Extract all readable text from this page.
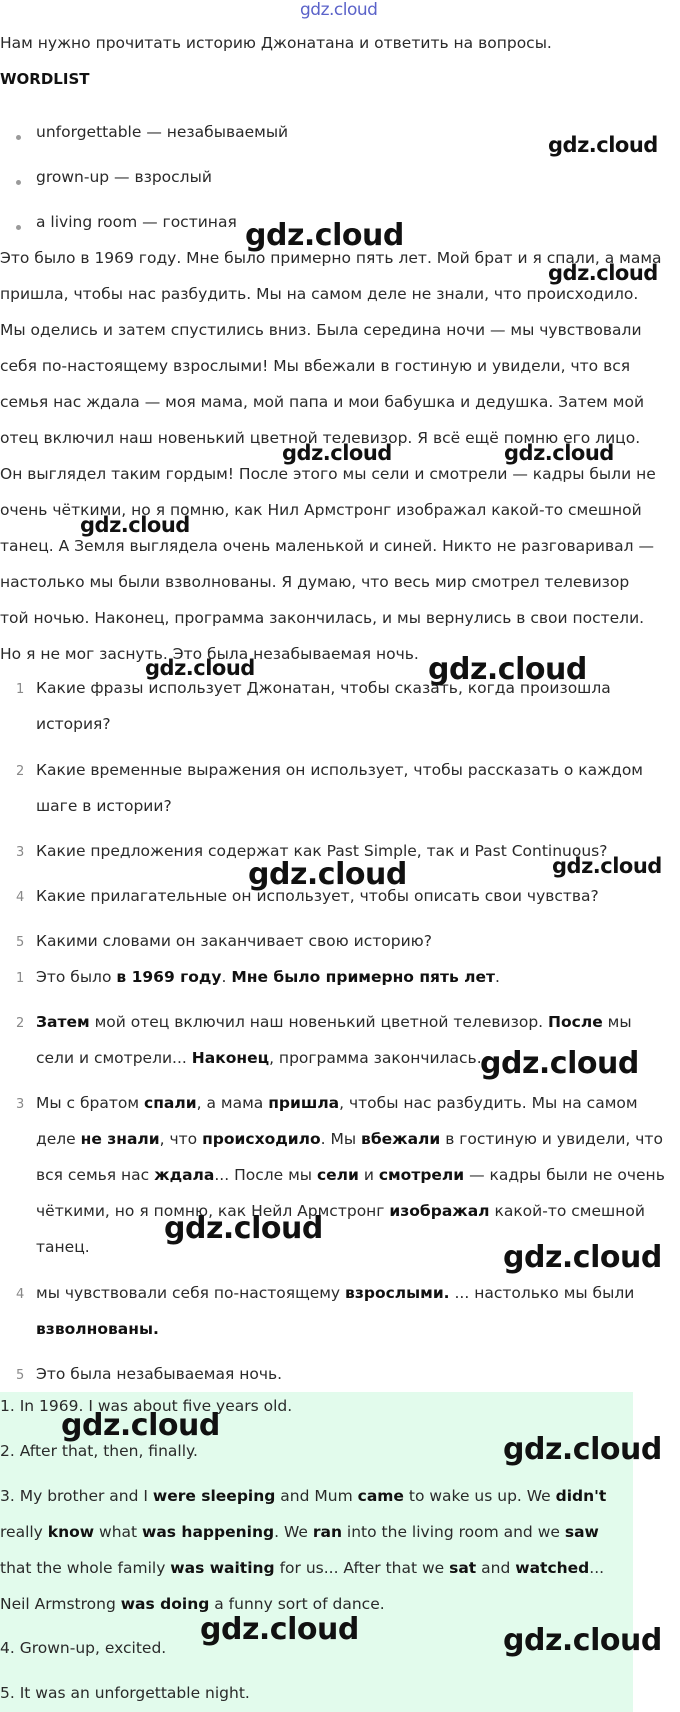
gdz.cloud
gdz.cloud
gdz.cloud
gdz.cloud
gdz.cloud	gdz.cloud
gdz.cloud
gdz.cloud
gdz.cloud
gdz.cloud	gdz.cloud
gdz.cloud
gdz.cloud
gdz.cloud
gdz.cloud
gdz.cloud
gdz.cloud	gdz.cloud
Нам нужно прочитать историю Джонатана и ответить на вопросы.
WORDLIST
unforgettable — незабываемый
grown-up — взрослый
a living room — гостиная
Это было в 1969 году. Мне было примерно пять лет. Мой брат и я спали, а мама
пришла, чтобы нас разбудить. Мы на самом деле не знали, что происходило.
Мы оделись и затем спустились вниз. Была середина ночи — мы чувствовали
себя по-настоящему взрослыми! Мы вбежали в гостиную и увидели, что вся
семья нас ждала — моя мама, мой папа и мои бабушка и дедушка. Затем мой
отец включил наш новенький цветной телевизор. Я всё ещё помню его лицо.
Он выглядел таким гордым! После этого мы сели и смотрели — кадры были не
очень чёткими, но я помню, как Нил Армстронг изображал какой-то смешной
танец. А Земля выглядела очень маленькой и синей. Никто не разговаривал —
настолько мы были взволнованы. Я думаю, что весь мир смотрел телевизор
той ночью. Наконец, программа закончилась, и мы вернулись в свои постели.
Но я не мог заснуть. Это была незабываемая ночь.
1 Какие фразы использует Джонатан, чтобы сказать, когда произошла
история?
2 Какие временные выражения он использует, чтобы рассказать о каждом
шаге в истории?
3 Какие предложения содержат как Past Simple, так и Past Continuous?
4 Какие прилагательные он использует, чтобы описать свои чувства?
5 Какими словами он заканчивает свою историю?
1 Это было в 1969 году. Мне было примерно пять лет.
2 Затем мой отец включил наш новенький цветной телевизор. После мы
сели и смотрели... Наконец, программа закончилась.
3 Мы с братом спали, а мама пришла, чтобы нас разбудить. Мы на самом
деле не знали, что происходило. Мы вбежали в гостиную и увидели, что
вся семья нас ждала... После мы сели и смотрели — кадры были не очень
чёткими, но я помню, как Нейл Армстронг изображал какой-то смешной
танец.
4 мы чувствовали себя по-настоящему взрослыми. ... настолько мы были
взволнованы.
5 Это была незабываемая ночь.
1. In 1969. I was about five years old.
2. After that, then, finally.
3. My brother and I were sleeping and Mum came to wake us up. We didn't
really know what was happening. We ran into the living room and we saw
that the whole family was waiting for us... After that we sat and watched...
Neil Armstrong was doing a funny sort of dance.
4. Grown-up, excited.
5. It was an unforgettable night.
